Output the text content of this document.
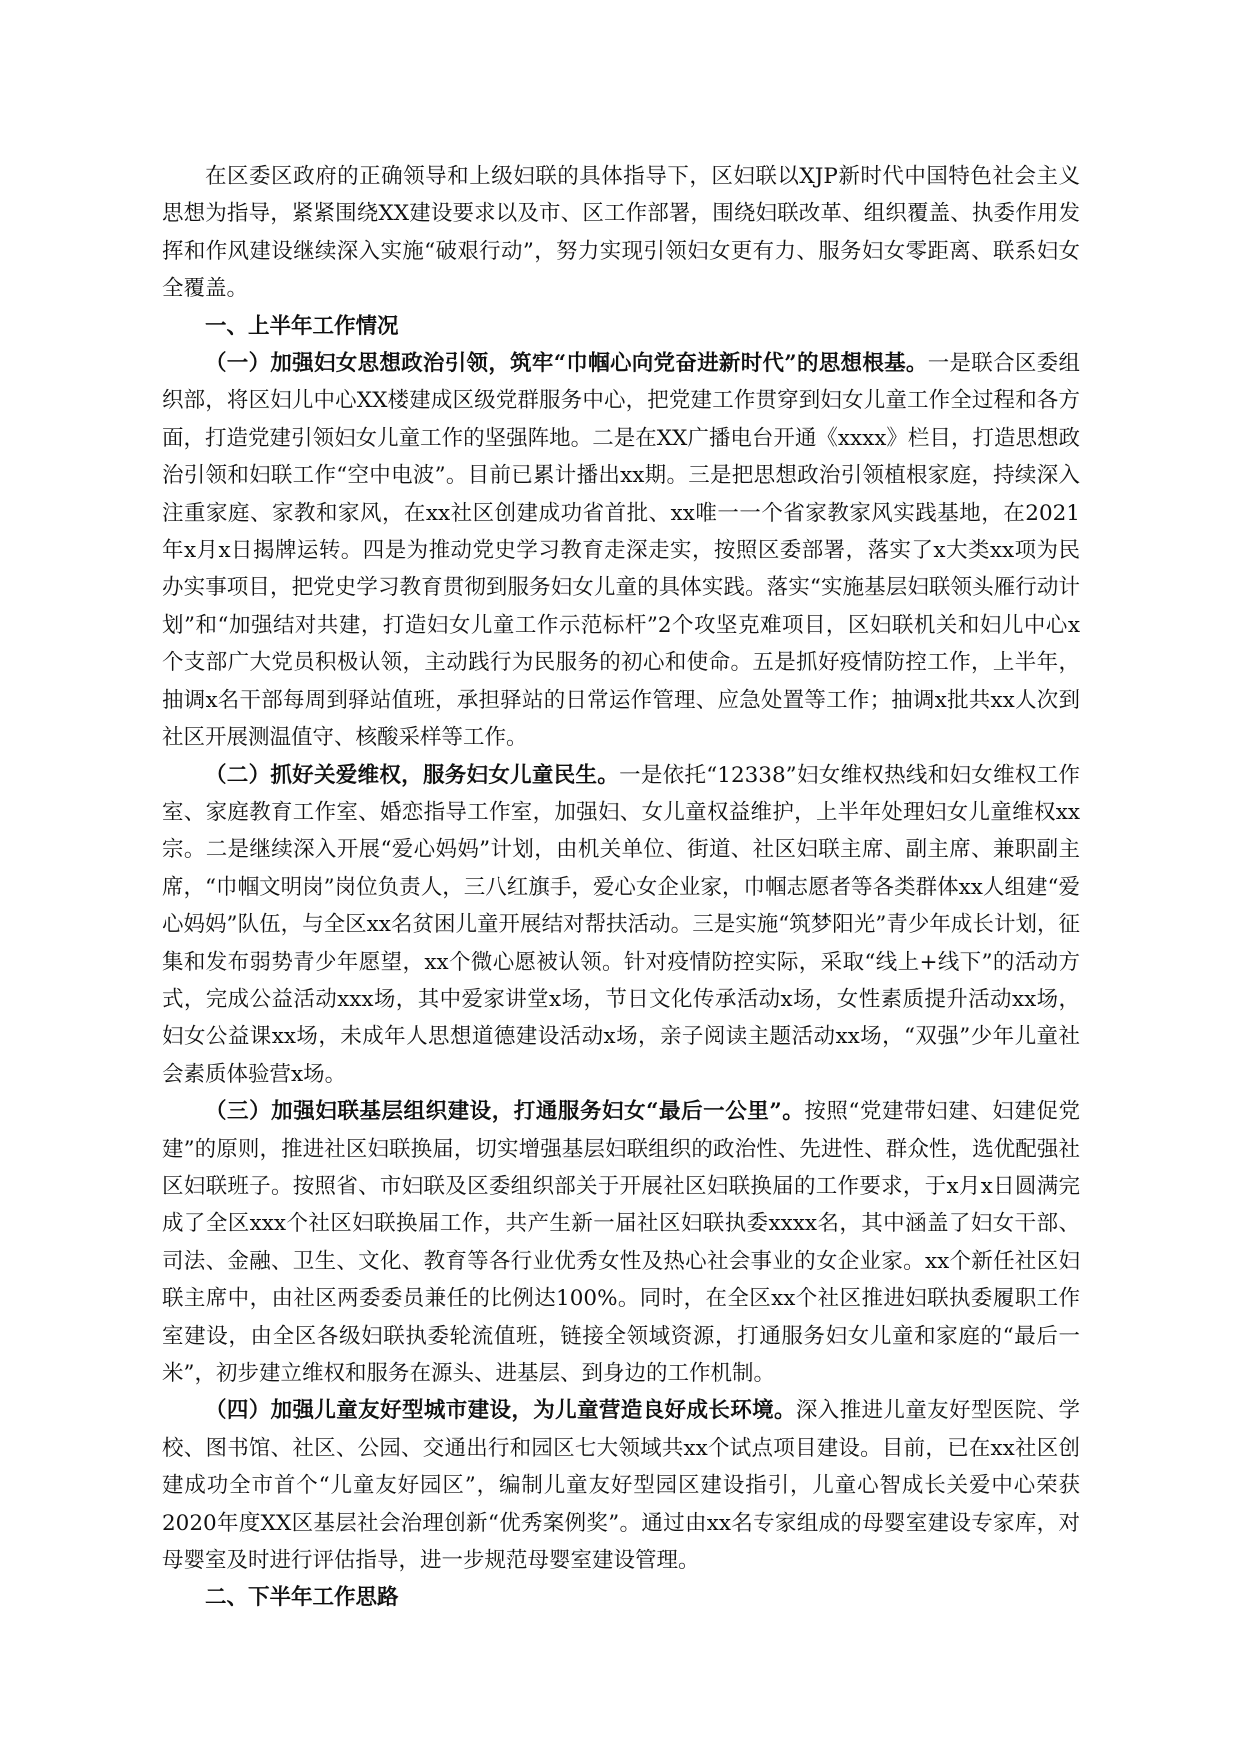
在区委区政府的正确领导和上级妇联的具体指导下，区妇联以XJP新时代中国特色社会主义思想为指导，紧紧围绕XX建设要求以及市、区工作部署，围绕妇联改革、组织覆盖、执委作用发挥和作风建设继续深入实施“破艰行动”，努力实现引领妇女更有力、服务妇女零距离、联系妇女全覆盖。

一、上半年工作情况

（一）加强妇女思想政治引领，筑牢“巾帼心向党奋进新时代”的思想根基。一是联合区委组织部，将区妇儿中心XX楼建成区级党群服务中心，把党建工作贯穿到妇女儿童工作全过程和各方面，打造党建引领妇女儿童工作的坚强阵地。二是在XX广播电台开通《xxxx》栏目，打造思想政治引领和妇联工作“空中电波”。目前已累计播出xx期。三是把思想政治引领植根家庭，持续深入注重家庭、家教和家风，在xx社区创建成功省首批、xx唯一一个省家教家风实践基地，在2021年x月x日揭牌运转。四是为推动党史学习教育走深走实，按照区委部署，落实了x大类xx项为民办实事项目，把党史学习教育贯彻到服务妇女儿童的具体实践。落实“实施基层妇联领头雁行动计划”和“加强结对共建，打造妇女儿童工作示范标杆”2个攻坚克难项目，区妇联机关和妇儿中心x个支部广大党员积极认领，主动践行为民服务的初心和使命。五是抓好疫情防控工作，上半年，抽调x名干部每周到驿站值班，承担驿站的日常运作管理、应急处置等工作；抽调x批共xx人次到社区开展测温值守、核酸采样等工作。

（二）抓好关爱维权，服务妇女儿童民生。一是依托“12338”妇女维权热线和妇女维权工作室、家庭教育工作室、婚恋指导工作室，加强妇、女儿童权益维护，上半年处理妇女儿童维权xx宗。二是继续深入开展“爱心妈妈”计划，由机关单位、街道、社区妇联主席、副主席、兼职副主席，“巾帼文明岗”岗位负责人，三八红旗手，爱心女企业家，巾帼志愿者等各类群体xx人组建“爱心妈妈”队伍，与全区xx名贫困儿童开展结对帮扶活动。三是实施“筑梦阳光”青少年成长计划，征集和发布弱势青少年愿望，xx个微心愿被认领。针对疫情防控实际，采取“线上+线下”的活动方式，完成公益活动xxx场，其中爱家讲堂x场，节日文化传承活动x场，女性素质提升活动xx场，妇女公益课xx场，未成年人思想道德建设活动x场，亲子阅读主题活动xx场，“双强”少年儿童社会素质体验营x场。

（三）加强妇联基层组织建设，打通服务妇女“最后一公里”。按照“党建带妇建、妇建促党建”的原则，推进社区妇联换届，切实增强基层妇联组织的政治性、先进性、群众性，选优配强社区妇联班子。按照省、市妇联及区委组织部关于开展社区妇联换届的工作要求，于x月x日圆满完成了全区xxx个社区妇联换届工作，共产生新一届社区妇联执委xxxx名，其中涵盖了妇女干部、司法、金融、卫生、文化、教育等各行业优秀女性及热心社会事业的女企业家。xx个新任社区妇联主席中，由社区两委委员兼任的比例达100%。同时，在全区xx个社区推进妇联执委履职工作室建设，由全区各级妇联执委轮流值班，链接全领域资源，打通服务妇女儿童和家庭的“最后一米”，初步建立维权和服务在源头、进基层、到身边的工作机制。

（四）加强儿童友好型城市建设，为儿童营造良好成长环境。深入推进儿童友好型医院、学校、图书馆、社区、公园、交通出行和园区七大领域共xx个试点项目建设。目前，已在xx社区创建成功全市首个“儿童友好园区”，编制儿童友好型园区建设指引，儿童心智成长关爱中心荣获2020年度XX区基层社会治理创新“优秀案例奖”。通过由xx名专家组成的母婴室建设专家库，对母婴室及时进行评估指导，进一步规范母婴室建设管理。

二、下半年工作思路
